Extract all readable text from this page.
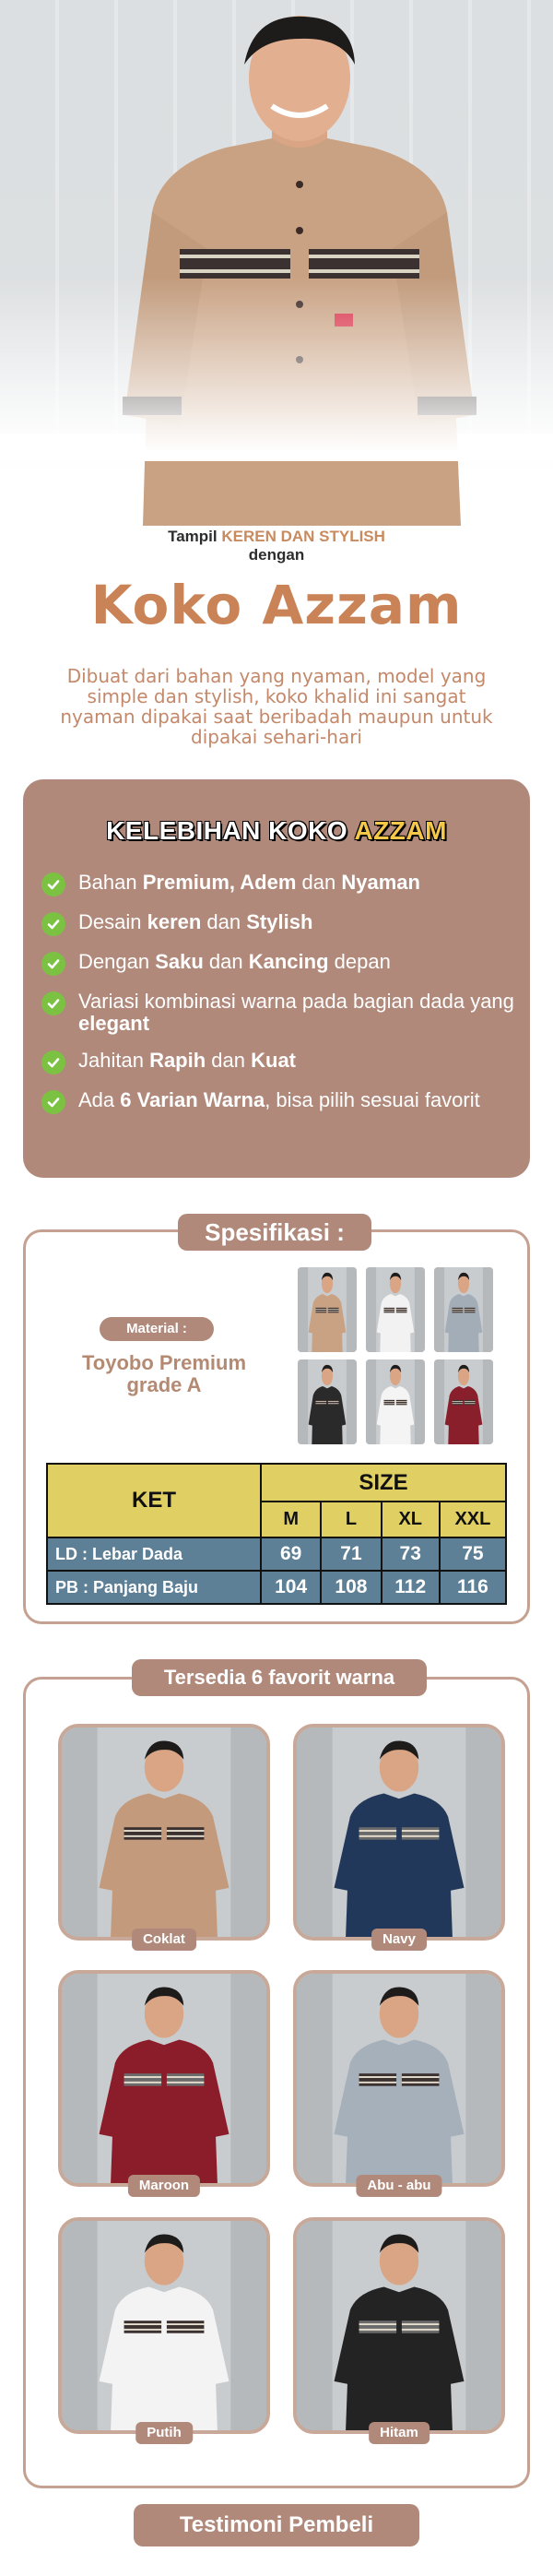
Tampil KEREN DAN STYLISH
dengan
Koko Azzam
Dibuat dari bahan yang nyaman, model yang simple dan stylish, koko khalid ini sangat nyaman dipakai saat beribadah maupun untuk dipakai sehari-hari
KELEBIHAN KOKO AZZAM
Bahan Premium, Adem dan Nyaman
Desain keren dan Stylish
Dengan Saku dan Kancing depan
Variasi kombinasi warna pada bagian dada yang elegant
Jahitan Rapih dan Kuat
Ada 6 Varian Warna, bisa pilih sesuai favorit
Spesifikasi :
Material :
Toyobo Premium grade A
KET	SIZE			
	M	L	XL	XXL
LD : Lebar Dada	69	71	73	75
PB : Panjang Baju	104	108	112	116
Tersedia 6 favorit warna
Coklat	Navy
Maroon	Abu - abu
Putih	Hitam
Testimoni Pembeli
